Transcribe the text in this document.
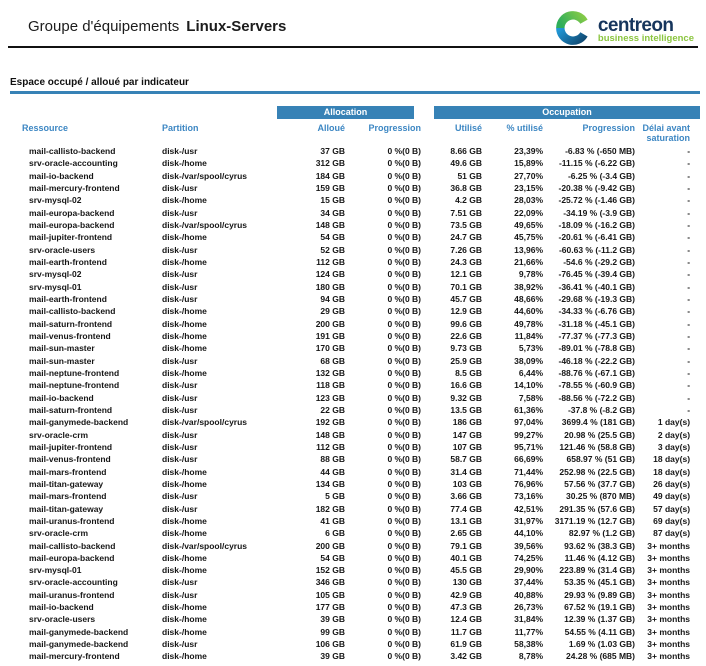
Groupe d'équipements Linux-Servers	centreon
business intelligence
Espace occupé / alloué par indicateur
		Allocation		Occupation			
Ressource	Partition	Alloué	Progression	Utilisé	% utilisé	Progression	Délai avant saturation
mail-callisto-backend	disk-/usr	37 GB	0 %(0 B)	8.66 GB	23,39%	-6.83 % (-650 MB)	-
srv-oracle-accounting	disk-/home	312 GB	0 %(0 B)	49.6 GB	15,89%	-11.15 % (-6.22 GB)	-
mail-io-backend	disk-/var/spool/cyrus	184 GB	0 %(0 B)	51 GB	27,70%	-6.25 % (-3.4 GB)	-
mail-mercury-frontend	disk-/usr	159 GB	0 %(0 B)	36.8 GB	23,15%	-20.38 % (-9.42 GB)	-
srv-mysql-02	disk-/home	15 GB	0 %(0 B)	4.2 GB	28,03%	-25.72 % (-1.46 GB)	-
mail-europa-backend	disk-/usr	34 GB	0 %(0 B)	7.51 GB	22,09%	-34.19 % (-3.9 GB)	-
mail-europa-backend	disk-/var/spool/cyrus	148 GB	0 %(0 B)	73.5 GB	49,65%	-18.09 % (-16.2 GB)	-
mail-jupiter-frontend	disk-/home	54 GB	0 %(0 B)	24.7 GB	45,75%	-20.61 % (-6.41 GB)	-
srv-oracle-users	disk-/usr	52 GB	0 %(0 B)	7.26 GB	13,96%	-60.63 % (-11.2 GB)	-
mail-earth-frontend	disk-/home	112 GB	0 %(0 B)	24.3 GB	21,66%	-54.6 % (-29.2 GB)	-
srv-mysql-02	disk-/usr	124 GB	0 %(0 B)	12.1 GB	9,78%	-76.45 % (-39.4 GB)	-
srv-mysql-01	disk-/usr	180 GB	0 %(0 B)	70.1 GB	38,92%	-36.41 % (-40.1 GB)	-
mail-earth-frontend	disk-/usr	94 GB	0 %(0 B)	45.7 GB	48,66%	-29.68 % (-19.3 GB)	-
mail-callisto-backend	disk-/home	29 GB	0 %(0 B)	12.9 GB	44,60%	-34.33 % (-6.76 GB)	-
mail-saturn-frontend	disk-/home	200 GB	0 %(0 B)	99.6 GB	49,78%	-31.18 % (-45.1 GB)	-
mail-venus-frontend	disk-/home	191 GB	0 %(0 B)	22.6 GB	11,84%	-77.37 % (-77.3 GB)	-
mail-sun-master	disk-/home	170 GB	0 %(0 B)	9.73 GB	5,73%	-89.01 % (-78.8 GB)	-
mail-sun-master	disk-/usr	68 GB	0 %(0 B)	25.9 GB	38,09%	-46.18 % (-22.2 GB)	-
mail-neptune-frontend	disk-/home	132 GB	0 %(0 B)	8.5 GB	6,44%	-88.76 % (-67.1 GB)	-
mail-neptune-frontend	disk-/usr	118 GB	0 %(0 B)	16.6 GB	14,10%	-78.55 % (-60.9 GB)	-
mail-io-backend	disk-/usr	123 GB	0 %(0 B)	9.32 GB	7,58%	-88.56 % (-72.2 GB)	-
mail-saturn-frontend	disk-/usr	22 GB	0 %(0 B)	13.5 GB	61,36%	-37.8 % (-8.2 GB)	-
mail-ganymede-backend	disk-/var/spool/cyrus	192 GB	0 %(0 B)	186 GB	97,04%	3699.4 % (181 GB)	1 day(s)
srv-oracle-crm	disk-/usr	148 GB	0 %(0 B)	147 GB	99,27%	20.98 % (25.5 GB)	2 day(s)
mail-jupiter-frontend	disk-/usr	112 GB	0 %(0 B)	107 GB	95,71%	121.46 % (58.8 GB)	3 day(s)
mail-venus-frontend	disk-/usr	88 GB	0 %(0 B)	58.7 GB	66,69%	658.97 % (51 GB)	18 day(s)
mail-mars-frontend	disk-/home	44 GB	0 %(0 B)	31.4 GB	71,44%	252.98 % (22.5 GB)	18 day(s)
mail-titan-gateway	disk-/home	134 GB	0 %(0 B)	103 GB	76,96%	57.56 % (37.7 GB)	26 day(s)
mail-mars-frontend	disk-/usr	5 GB	0 %(0 B)	3.66 GB	73,16%	30.25 % (870 MB)	49 day(s)
mail-titan-gateway	disk-/usr	182 GB	0 %(0 B)	77.4 GB	42,51%	291.35 % (57.6 GB)	57 day(s)
mail-uranus-frontend	disk-/home	41 GB	0 %(0 B)	13.1 GB	31,97%	3171.19 % (12.7 GB)	69 day(s)
srv-oracle-crm	disk-/home	6 GB	0 %(0 B)	2.65 GB	44,10%	82.97 % (1.2 GB)	87 day(s)
mail-callisto-backend	disk-/var/spool/cyrus	200 GB	0 %(0 B)	79.1 GB	39,56%	93.62 % (38.3 GB)	3+ months
mail-europa-backend	disk-/home	54 GB	0 %(0 B)	40.1 GB	74,25%	11.46 % (4.12 GB)	3+ months
srv-mysql-01	disk-/home	152 GB	0 %(0 B)	45.5 GB	29,90%	223.89 % (31.4 GB)	3+ months
srv-oracle-accounting	disk-/usr	346 GB	0 %(0 B)	130 GB	37,44%	53.35 % (45.1 GB)	3+ months
mail-uranus-frontend	disk-/usr	105 GB	0 %(0 B)	42.9 GB	40,88%	29.93 % (9.89 GB)	3+ months
mail-io-backend	disk-/home	177 GB	0 %(0 B)	47.3 GB	26,73%	67.52 % (19.1 GB)	3+ months
srv-oracle-users	disk-/home	39 GB	0 %(0 B)	12.4 GB	31,84%	12.39 % (1.37 GB)	3+ months
mail-ganymede-backend	disk-/home	99 GB	0 %(0 B)	11.7 GB	11,77%	54.55 % (4.11 GB)	3+ months
mail-ganymede-backend	disk-/usr	106 GB	0 %(0 B)	61.9 GB	58,38%	1.69 % (1.03 GB)	3+ months
mail-mercury-frontend	disk-/home	39 GB	0 %(0 B)	3.42 GB	8,78%	24.28 % (685 MB)	3+ months
